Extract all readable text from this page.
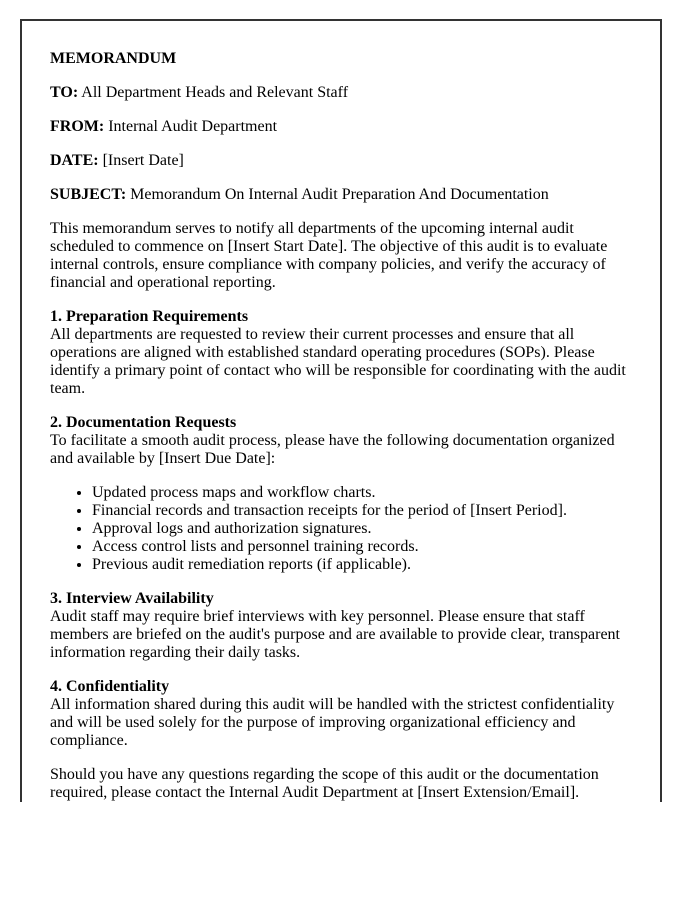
MEMORANDUM

TO: All Department Heads and Relevant Staff

FROM: Internal Audit Department

DATE: [Insert Date]

SUBJECT: Memorandum On Internal Audit Preparation And Documentation

This memorandum serves to notify all departments of the upcoming internal audit scheduled to commence on [Insert Start Date]. The objective of this audit is to evaluate internal controls, ensure compliance with company policies, and verify the accuracy of financial and operational reporting.

1. Preparation Requirements
All departments are requested to review their current processes and ensure that all operations are aligned with established standard operating procedures (SOPs). Please identify a primary point of contact who will be responsible for coordinating with the audit team.

2. Documentation Requests
To facilitate a smooth audit process, please have the following documentation organized and available by [Insert Due Date]:

• Updated process maps and workflow charts.
• Financial records and transaction receipts for the period of [Insert Period].
• Approval logs and authorization signatures.
• Access control lists and personnel training records.
• Previous audit remediation reports (if applicable).

3. Interview Availability
Audit staff may require brief interviews with key personnel. Please ensure that staff members are briefed on the audit's purpose and are available to provide clear, transparent information regarding their daily tasks.

4. Confidentiality
All information shared during this audit will be handled with the strictest confidentiality and will be used solely for the purpose of improving organizational efficiency and compliance.

Should you have any questions regarding the scope of this audit or the documentation required, please contact the Internal Audit Department at [Insert Extension/Email].
